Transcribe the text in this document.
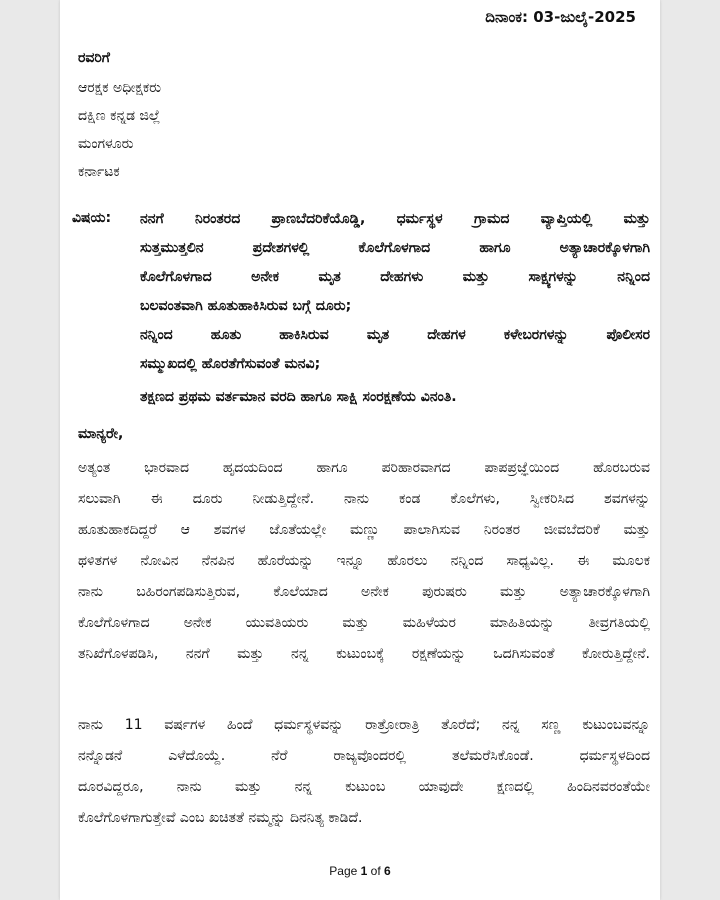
ದಿನಾಂಕ: 03-ಜುಲೈ-2025
ರವರಿಗೆ
ಆರಕ್ಷಕ ಅಧೀಕ್ಷಕರು
ದಕ್ಷಿಣ ಕನ್ನಡ ಜಿಲ್ಲೆ
ಮಂಗಳೂರು
ಕರ್ನಾಟಕ
ವಿಷಯ: ನನಗೆ ನಿರಂತರದ ಪ್ರಾಣಬೆದರಿಕೆಯೊಡ್ಡಿ, ಧರ್ಮಸ್ಥಳ ಗ್ರಾಮದ ವ್ಯಾಪ್ತಿಯಲ್ಲಿ ಮತ್ತು
ಸುತ್ತಮುತ್ತಲಿನ ಪ್ರದೇಶಗಳಲ್ಲಿ ಕೊಲೆಗೊಳಗಾದ ಹಾಗೂ ಅತ್ಯಾಚಾರಕ್ಕೊಳಗಾಗಿ
ಕೊಲೆಗೊಳಗಾದ ಅನೇಕ ಮೃತ ದೇಹಗಳು ಮತ್ತು ಸಾಕ್ಷ್ಯಗಳನ್ನು ನನ್ನಿಂದ
ಬಲವಂತವಾಗಿ ಹೂತುಹಾಕಿಸಿರುವ ಬಗ್ಗೆ ದೂರು;
ನನ್ನಿಂದ ಹೂತು ಹಾಕಿಸಿರುವ ಮೃತ ದೇಹಗಳ ಕಳೇಬರಗಳನ್ನು ಪೊಲೀಸರ
ಸಮ್ಮುಖದಲ್ಲಿ ಹೊರತೆಗೆಸುವಂತೆ ಮನವಿ;
ತಕ್ಷಣದ ಪ್ರಥಮ ವರ್ತಮಾನ ವರದಿ ಹಾಗೂ ಸಾಕ್ಷಿ ಸಂರಕ್ಷಣೆಯ ವಿನಂತಿ.
ಮಾನ್ಯರೇ,
ಅತ್ಯಂತ ಭಾರವಾದ ಹೃದಯದಿಂದ ಹಾಗೂ ಪರಿಹಾರವಾಗದ ಪಾಪಪ್ರಜ್ಞೆಯಿಂದ ಹೊರಬರುವ
ಸಲುವಾಗಿ ಈ ದೂರು ನೀಡುತ್ತಿದ್ದೇನೆ. ನಾನು ಕಂಡ ಕೊಲೆಗಳು, ಸ್ವೀಕರಿಸಿದ ಶವಗಳನ್ನು
ಹೂತುಹಾಕದಿದ್ದರೆ ಆ ಶವಗಳ ಜೊತೆಯಲ್ಲೇ ಮಣ್ಣು ಪಾಲಾಗಿಸುವ ನಿರಂತರ ಜೀವಬೆದರಿಕೆ ಮತ್ತು
ಥಳಿತಗಳ ನೋವಿನ ನೆನಪಿನ ಹೊರೆಯನ್ನು ಇನ್ನೂ ಹೊರಲು ನನ್ನಿಂದ ಸಾಧ್ಯವಿಲ್ಲ. ಈ ಮೂಲಕ
ನಾನು ಬಹಿರಂಗಪಡಿಸುತ್ತಿರುವ, ಕೊಲೆಯಾದ ಅನೇಕ ಪುರುಷರು ಮತ್ತು ಅತ್ಯಾಚಾರಕ್ಕೊಳಗಾಗಿ
ಕೊಲೆಗೊಳಗಾದ ಅನೇಕ ಯುವತಿಯರು ಮತ್ತು ಮಹಿಳೆಯರ ಮಾಹಿತಿಯನ್ನು ತೀವ್ರಗತಿಯಲ್ಲಿ
ತನಿಖೆಗೊಳಪಡಿಸಿ, ನನಗೆ ಮತ್ತು ನನ್ನ ಕುಟುಂಬಕ್ಕೆ ರಕ್ಷಣೆಯನ್ನು ಒದಗಿಸುವಂತೆ ಕೋರುತ್ತಿದ್ದೇನೆ.
ನಾನು 11 ವರ್ಷಗಳ ಹಿಂದೆ ಧರ್ಮಸ್ಥಳವನ್ನು ರಾತ್ರೋರಾತ್ರಿ ತೊರೆದೆ; ನನ್ನ ಸಣ್ಣ ಕುಟುಂಬವನ್ನೂ
ನನ್ನೊಡನೆ ಎಳೆದೊಯ್ದೆ. ನೆರೆ ರಾಜ್ಯವೊಂದರಲ್ಲಿ ತಲೆಮರೆಸಿಕೊಂಡೆ. ಧರ್ಮಸ್ಥಳದಿಂದ
ದೂರವಿದ್ದರೂ, ನಾನು ಮತ್ತು ನನ್ನ ಕುಟುಂಬ ಯಾವುದೇ ಕ್ಷಣದಲ್ಲಿ ಹಿಂದಿನವರಂತೆಯೇ
ಕೊಲೆಗೊಳಗಾಗುತ್ತೇವೆ ಎಂಬ ಖಚಿತತೆ ನಮ್ಮನ್ನು ದಿನನಿತ್ಯ ಕಾಡಿದೆ.
Page 1 of 6
